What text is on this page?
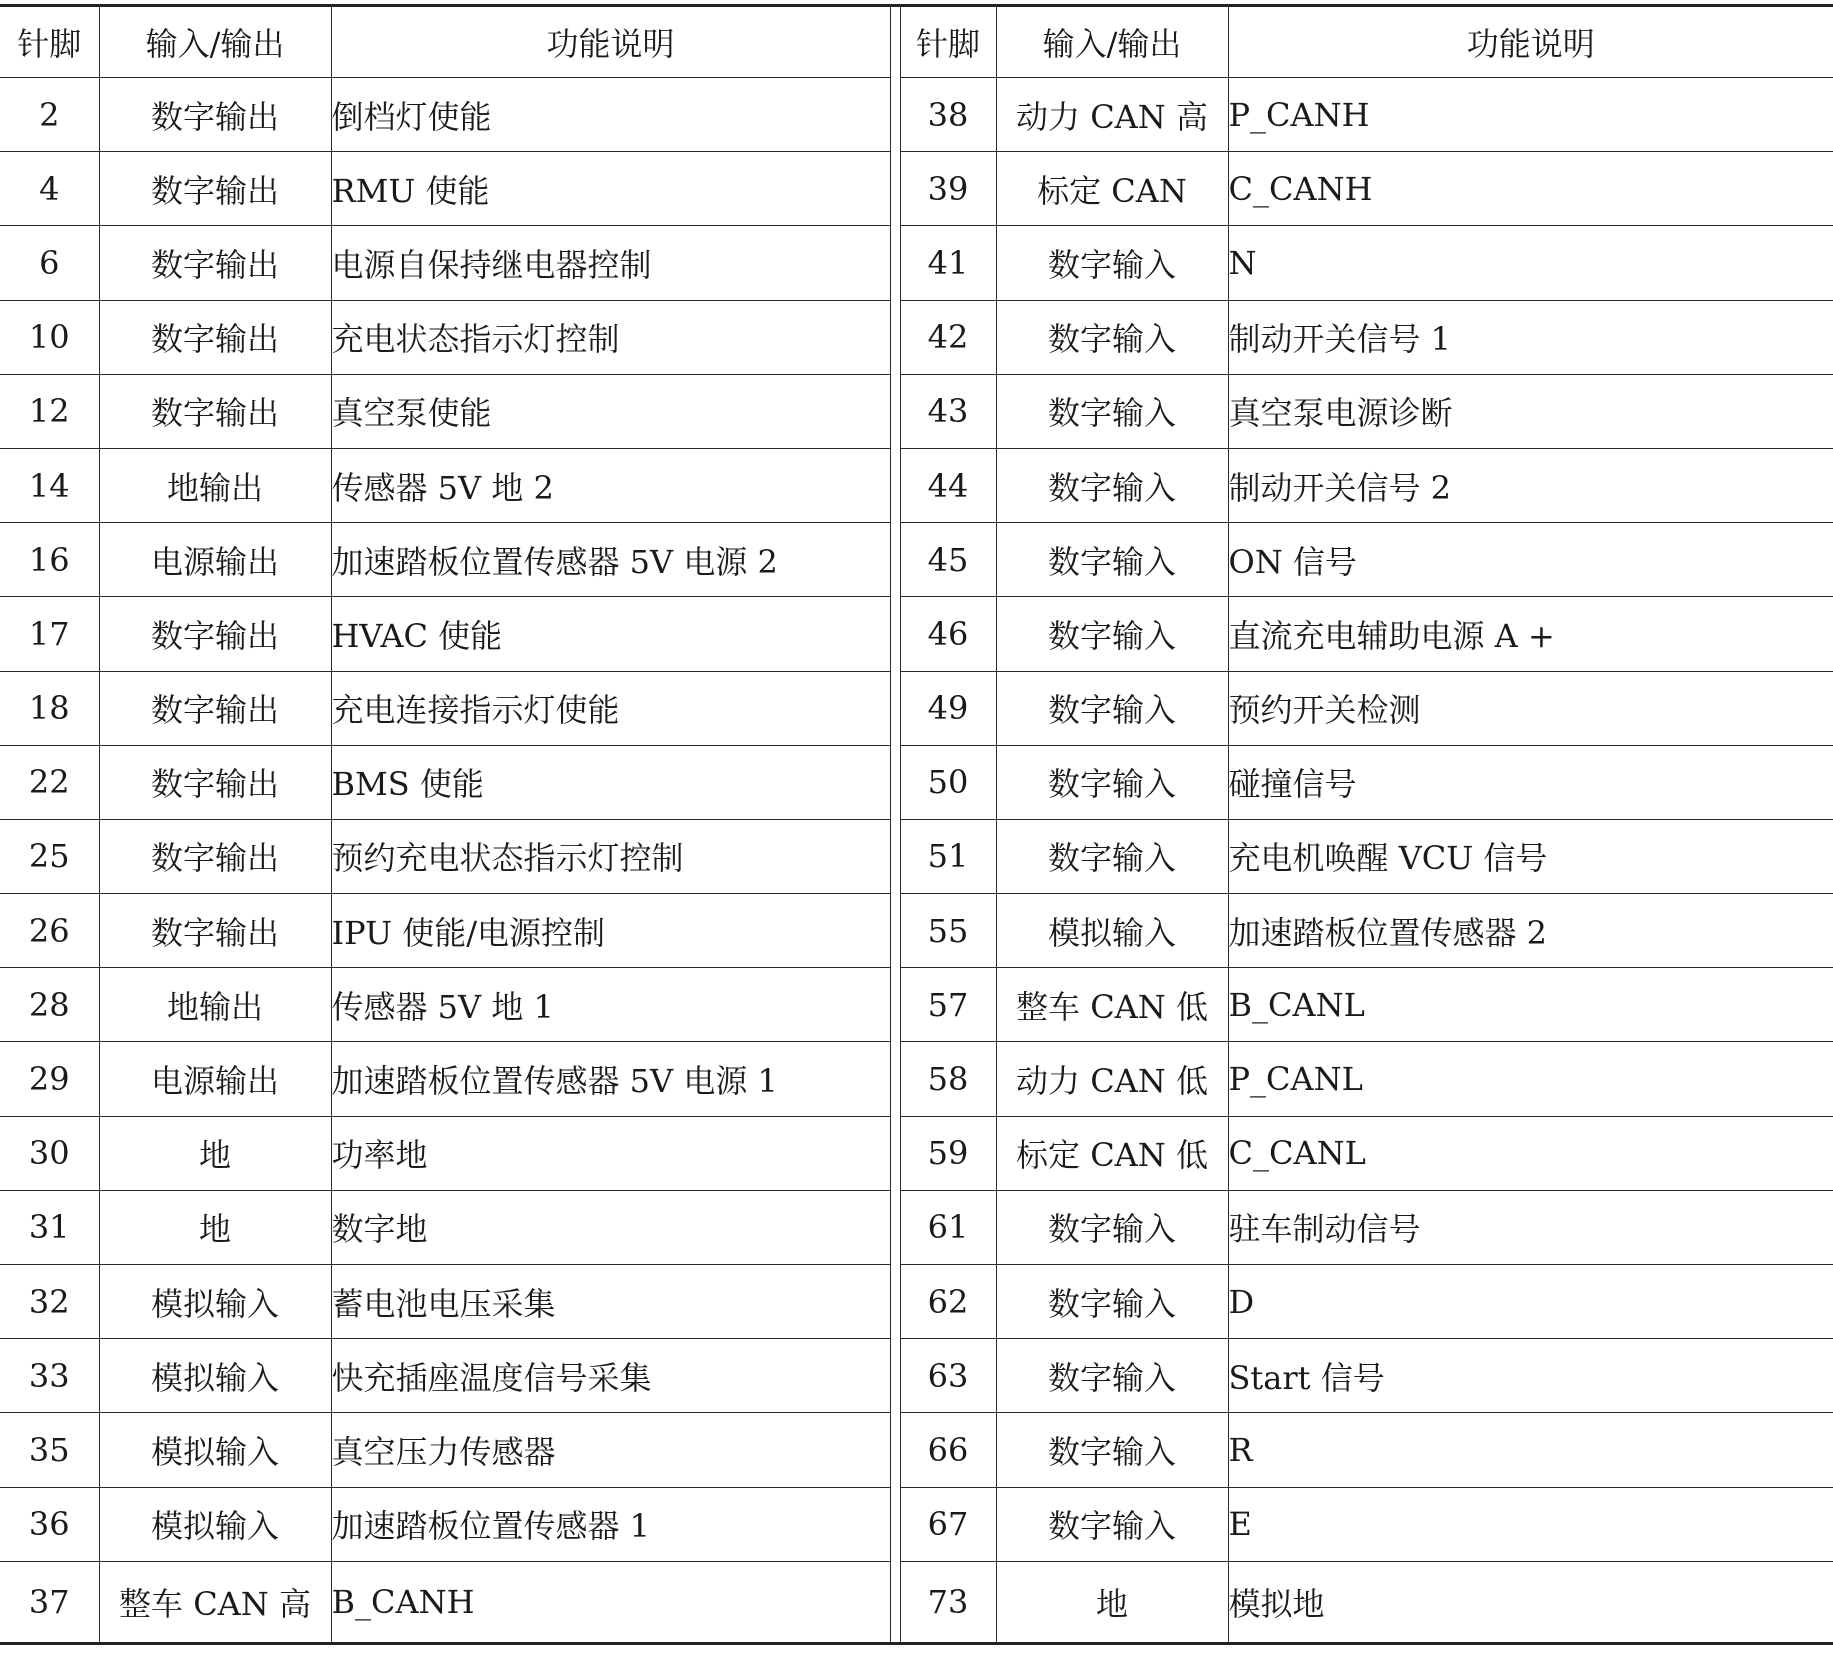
针脚	输入/输出	功能说明		针脚	输入/输出	功能说明
2	数字输出	倒档灯使能		38	动力 CAN 高	P_CANH
4	数字输出	RMU 使能		39	标定 CAN	C_CANH
6	数字输出	电源自保持继电器控制		41	数字输入	N
10	数字输出	充电状态指示灯控制		42	数字输入	制动开关信号 1
12	数字输出	真空泵使能		43	数字输入	真空泵电源诊断
14	地输出	传感器 5V 地 2		44	数字输入	制动开关信号 2
16	电源输出	加速踏板位置传感器 5V 电源 2		45	数字输入	ON 信号
17	数字输出	HVAC 使能		46	数字输入	直流充电辅助电源 A +
18	数字输出	充电连接指示灯使能		49	数字输入	预约开关检测
22	数字输出	BMS 使能		50	数字输入	碰撞信号
25	数字输出	预约充电状态指示灯控制		51	数字输入	充电机唤醒 VCU 信号
26	数字输出	IPU 使能/电源控制		55	模拟输入	加速踏板位置传感器 2
28	地输出	传感器 5V 地 1		57	整车 CAN 低	B_CANL
29	电源输出	加速踏板位置传感器 5V 电源 1		58	动力 CAN 低	P_CANL
30	地	功率地		59	标定 CAN 低	C_CANL
31	地	数字地		61	数字输入	驻车制动信号
32	模拟输入	蓄电池电压采集		62	数字输入	D
33	模拟输入	快充插座温度信号采集		63	数字输入	Start 信号
35	模拟输入	真空压力传感器		66	数字输入	R
36	模拟输入	加速踏板位置传感器 1		67	数字输入	E
37	整车 CAN 高	B_CANH		73	地	模拟地
